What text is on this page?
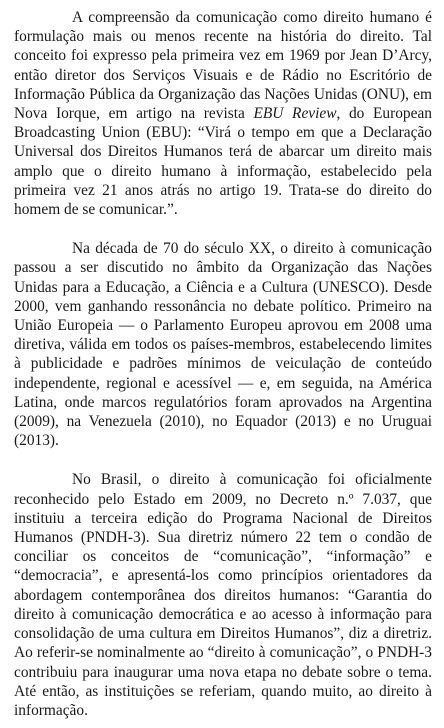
A compreensão da comunicação como direito humano é formulação mais ou menos recente na história do direito. Tal conceito foi expresso pela primeira vez em 1969 por Jean D’Arcy, então diretor dos Serviços Visuais e de Rádio no Escritório de Informação Pública da Organização das Nações Unidas (ONU), em Nova Iorque, em artigo na revista EBU Review, do European Broadcasting Union (EBU): “Virá o tempo em que a Declaração Universal dos Direitos Humanos terá de abarcar um direito mais amplo que o direito humano à informação, estabelecido pela primeira vez 21 anos atrás no artigo 19. Trata-se do direito do homem de se comunicar.”.

Na década de 70 do século XX, o direito à comunicação passou a ser discutido no âmbito da Organização das Nações Unidas para a Educação, a Ciência e a Cultura (UNESCO). Desde 2000, vem ganhando ressonância no debate político. Primeiro na União Europeia — o Parlamento Europeu aprovou em 2008 uma diretiva, válida em todos os países-membros, estabelecendo limites à publicidade e padrões mínimos de veiculação de conteúdo independente, regional e acessível — e, em seguida, na América Latina, onde marcos regulatórios foram aprovados na Argentina (2009), na Venezuela (2010), no Equador (2013) e no Uruguai (2013).

No Brasil, o direito à comunicação foi oficialmente reconhecido pelo Estado em 2009, no Decreto n.º 7.037, que instituiu a terceira edição do Programa Nacional de Direitos Humanos (PNDH-3). Sua diretriz número 22 tem o condão de conciliar os conceitos de “comunicação”, “informação” e “democracia”, e apresentá-los como princípios orientadores da abordagem contemporânea dos direitos humanos: “Garantia do direito à comunicação democrática e ao acesso à informação para consolidação de uma cultura em Direitos Humanos”, diz a diretriz. Ao referir-se nominalmente ao “direito à comunicação”, o PNDH-3 contribuiu para inaugurar uma nova etapa no debate sobre o tema. Até então, as instituições se referiam, quando muito, ao direito à informação.
